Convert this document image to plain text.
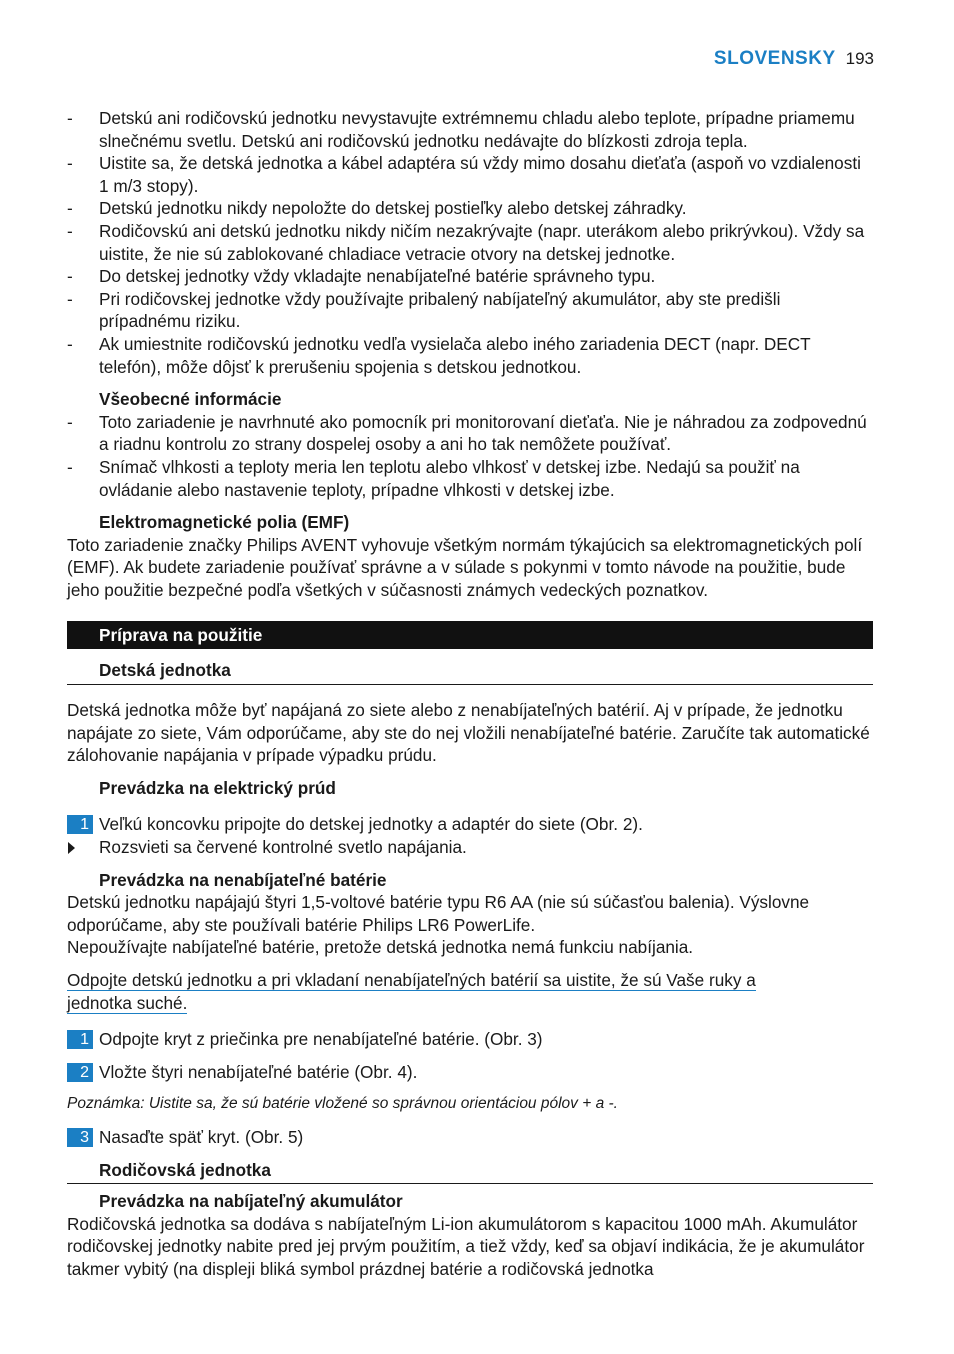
SLOVENSKY 193
- Detskú ani rodičovskú jednotku nevystavujte extrémnemu chladu alebo teplote, prípadne priamemu slnečnému svetlu. Detskú ani rodičovskú jednotku nedávajte do blízkosti zdroja tepla.
- Uistite sa, že detská jednotka a kábel adaptéra sú vždy mimo dosahu dieťaťa (aspoň vo vzdialenosti 1 m/3 stopy).
- Detskú jednotku nikdy nepoložte do detskej postieľky alebo detskej záhradky.
- Rodičovskú ani detskú jednotku nikdy ničím nezakrývajte (napr. uterákom alebo prikrývkou). Vždy sa uistite, že nie sú zablokované chladiace vetracie otvory na detskej jednotke.
- Do detskej jednotky vždy vkladajte nenabíjateľné batérie správneho typu.
- Pri rodičovskej jednotke vždy používajte pribalený nabíjateľný akumulátor, aby ste predišli prípadnému riziku.
- Ak umiestnite rodičovskú jednotku vedľa vysielača alebo iného zariadenia DECT (napr. DECT telefón), môže dôjsť k prerušeniu spojenia s detskou jednotkou.
Všeobecné informácie
- Toto zariadenie je navrhnuté ako pomocník pri monitorovaní dieťaťa. Nie je náhradou za zodpovednú a riadnu kontrolu zo strany dospelej osoby a ani ho tak nemôžete používať.
- Snímač vlhkosti a teploty meria len teplotu alebo vlhkosť v detskej izbe. Nedajú sa použiť na ovládanie alebo nastavenie teploty, prípadne vlhkosti v detskej izbe.
Elektromagnetické polia (EMF)

Toto zariadenie značky Philips AVENT vyhovuje všetkým normám týkajúcich sa elektromagnetických polí (EMF). Ak budete zariadenie používať správne a v súlade s pokynmi v tomto návode na použitie, bude jeho použitie bezpečné podľa všetkých v súčasnosti známych vedeckých poznatkov.

Príprava na použitie
Detská jednotka

Detská jednotka môže byť napájaná zo siete alebo z nenabíjateľných batérií. Aj v prípade, že jednotku napájate zo siete, Vám odporúčame, aby ste do nej vložili nenabíjateľné batérie. Zaručíte tak automatické zálohovanie napájania v prípade výpadku prúdu.

Prevádzka na elektrický prúd
1 Veľkú koncovku pripojte do detskej jednotky a adaptér do siete (Obr. 2).
Rozsvieti sa červené kontrolné svetlo napájania.
Prevádzka na nenabíjateľné batérie

Detskú jednotku napájajú štyri 1,5-voltové batérie typu R6 AA (nie sú súčasťou balenia). Výslovne odporúčame, aby ste používali batérie Philips LR6 PowerLife.

Nepoužívajte nabíjateľné batérie, pretože detská jednotka nemá funkciu nabíjania.

Odpojte detskú jednotku a pri vkladaní nenabíjateľných batérií sa uistite, že sú Vaše ruky a
jednotka suché.
1 Odpojte kryt z priečinka pre nenabíjateľné batérie. (Obr. 3)
2 Vložte štyri nenabíjateľné batérie (Obr. 4).
Poznámka: Uistite sa, že sú batérie vložené so správnou orientáciou pólov + a -.
3 Nasaďte späť kryt. (Obr. 5)
Rodičovská jednotka
Prevádzka na nabíjateľný akumulátor

Rodičovská jednotka sa dodáva s nabíjateľným Li-ion akumulátorom s kapacitou 1000 mAh. Akumulátor rodičovskej jednotky nabite pred jej prvým použitím, a tiež vždy, keď sa objaví indikácia, že je akumulátor takmer vybitý (na displeji bliká symbol prázdnej batérie a rodičovská jednotka
